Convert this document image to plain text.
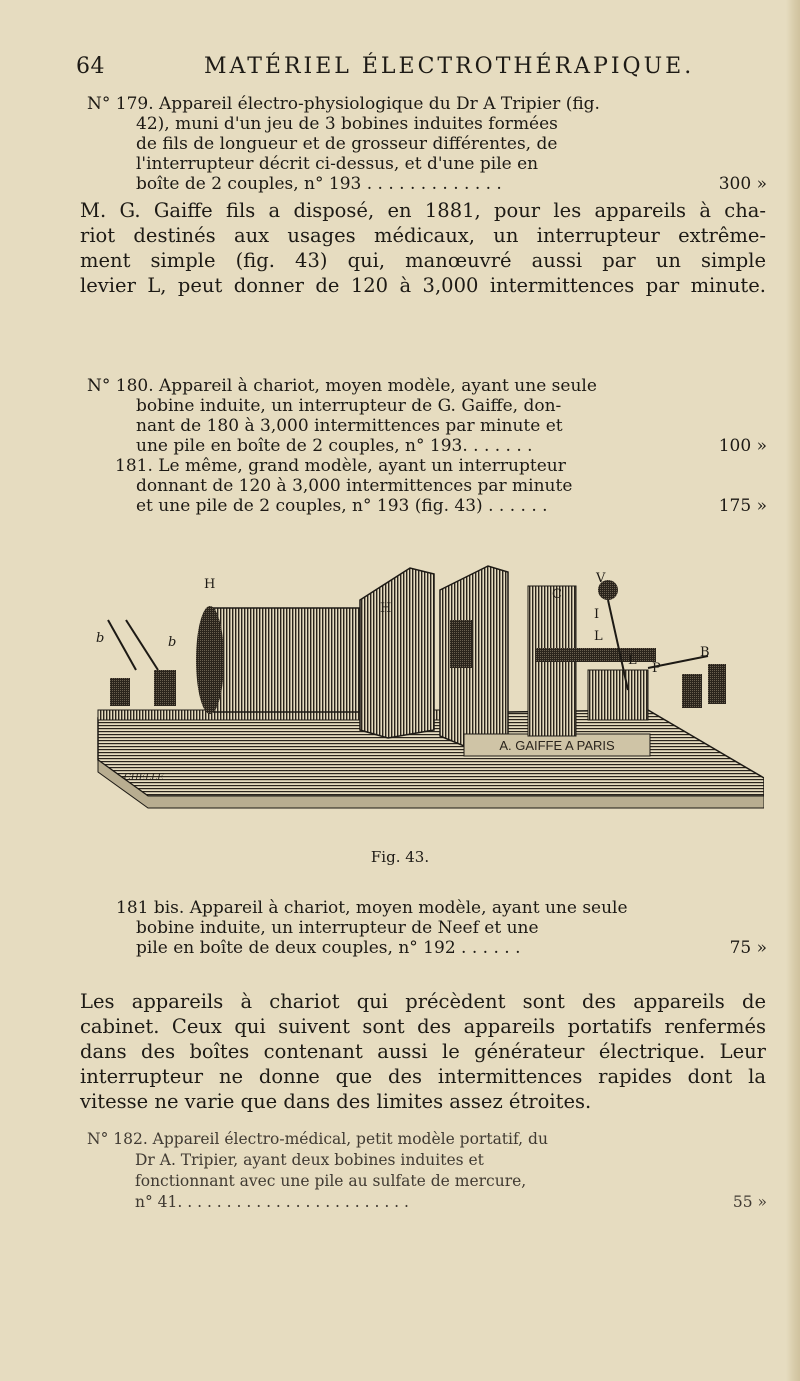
64	MATÉRIEL ÉLECTROTHÉRAPIQUE.
N° 179. Appareil électro-physiologique du Dr A Tripier (fig.
42), muni d'un jeu de 3 bobines induites formées
de fils de longueur et de grosseur différentes, de
l'interrupteur décrit ci-dessus, et d'une pile en
boîte de 2 couples, n° 193 . . . . . . . . . . . . .	300 »
M. G. Gaiffe fils a disposé, en 1881, pour les appareils à cha-
riot destinés aux usages médicaux, un interrupteur extrême-
ment simple (fig. 43) qui, manœuvré aussi par un simple
levier L, peut donner de 120 à 3,000 intermittences par minute.
N° 180. Appareil à chariot, moyen modèle, ayant une seule
bobine induite, un interrupteur de G. Gaiffe, don-
nant de 180 à 3,000 intermittences par minute et
une pile en boîte de 2 couples, n° 193. . . . . . .	100 »
181. Le même, grand modèle, ayant un interrupteur
donnant de 120 à 3,000 intermittences par minute
et une pile de 2 couples, n° 193 (fig. 43) . . . . . .	175 »
A. GAIFFE A PARIS
b	b
H
H
C
V
I
L
L
P
B
CHELLE
Fig. 43.
181 bis. Appareil à chariot, moyen modèle, ayant une seule
bobine induite, un interrupteur de Neef et une
pile en boîte de deux couples, n° 192 . . . . . .	75 »
Les appareils à chariot qui précèdent sont des appareils de
cabinet. Ceux qui suivent sont des appareils portatifs renfermés
dans des boîtes contenant aussi le générateur électrique. Leur
interrupteur ne donne que des intermittences rapides dont la
vitesse ne varie que dans des limites assez étroites.
N° 182. Appareil électro-médical, petit modèle portatif, du
Dr A. Tripier, ayant deux bobines induites et
fonctionnant avec une pile au sulfate de mercure,
n° 41. . . . . . . . . . . . . . . . . . . . . . . .	55 »
